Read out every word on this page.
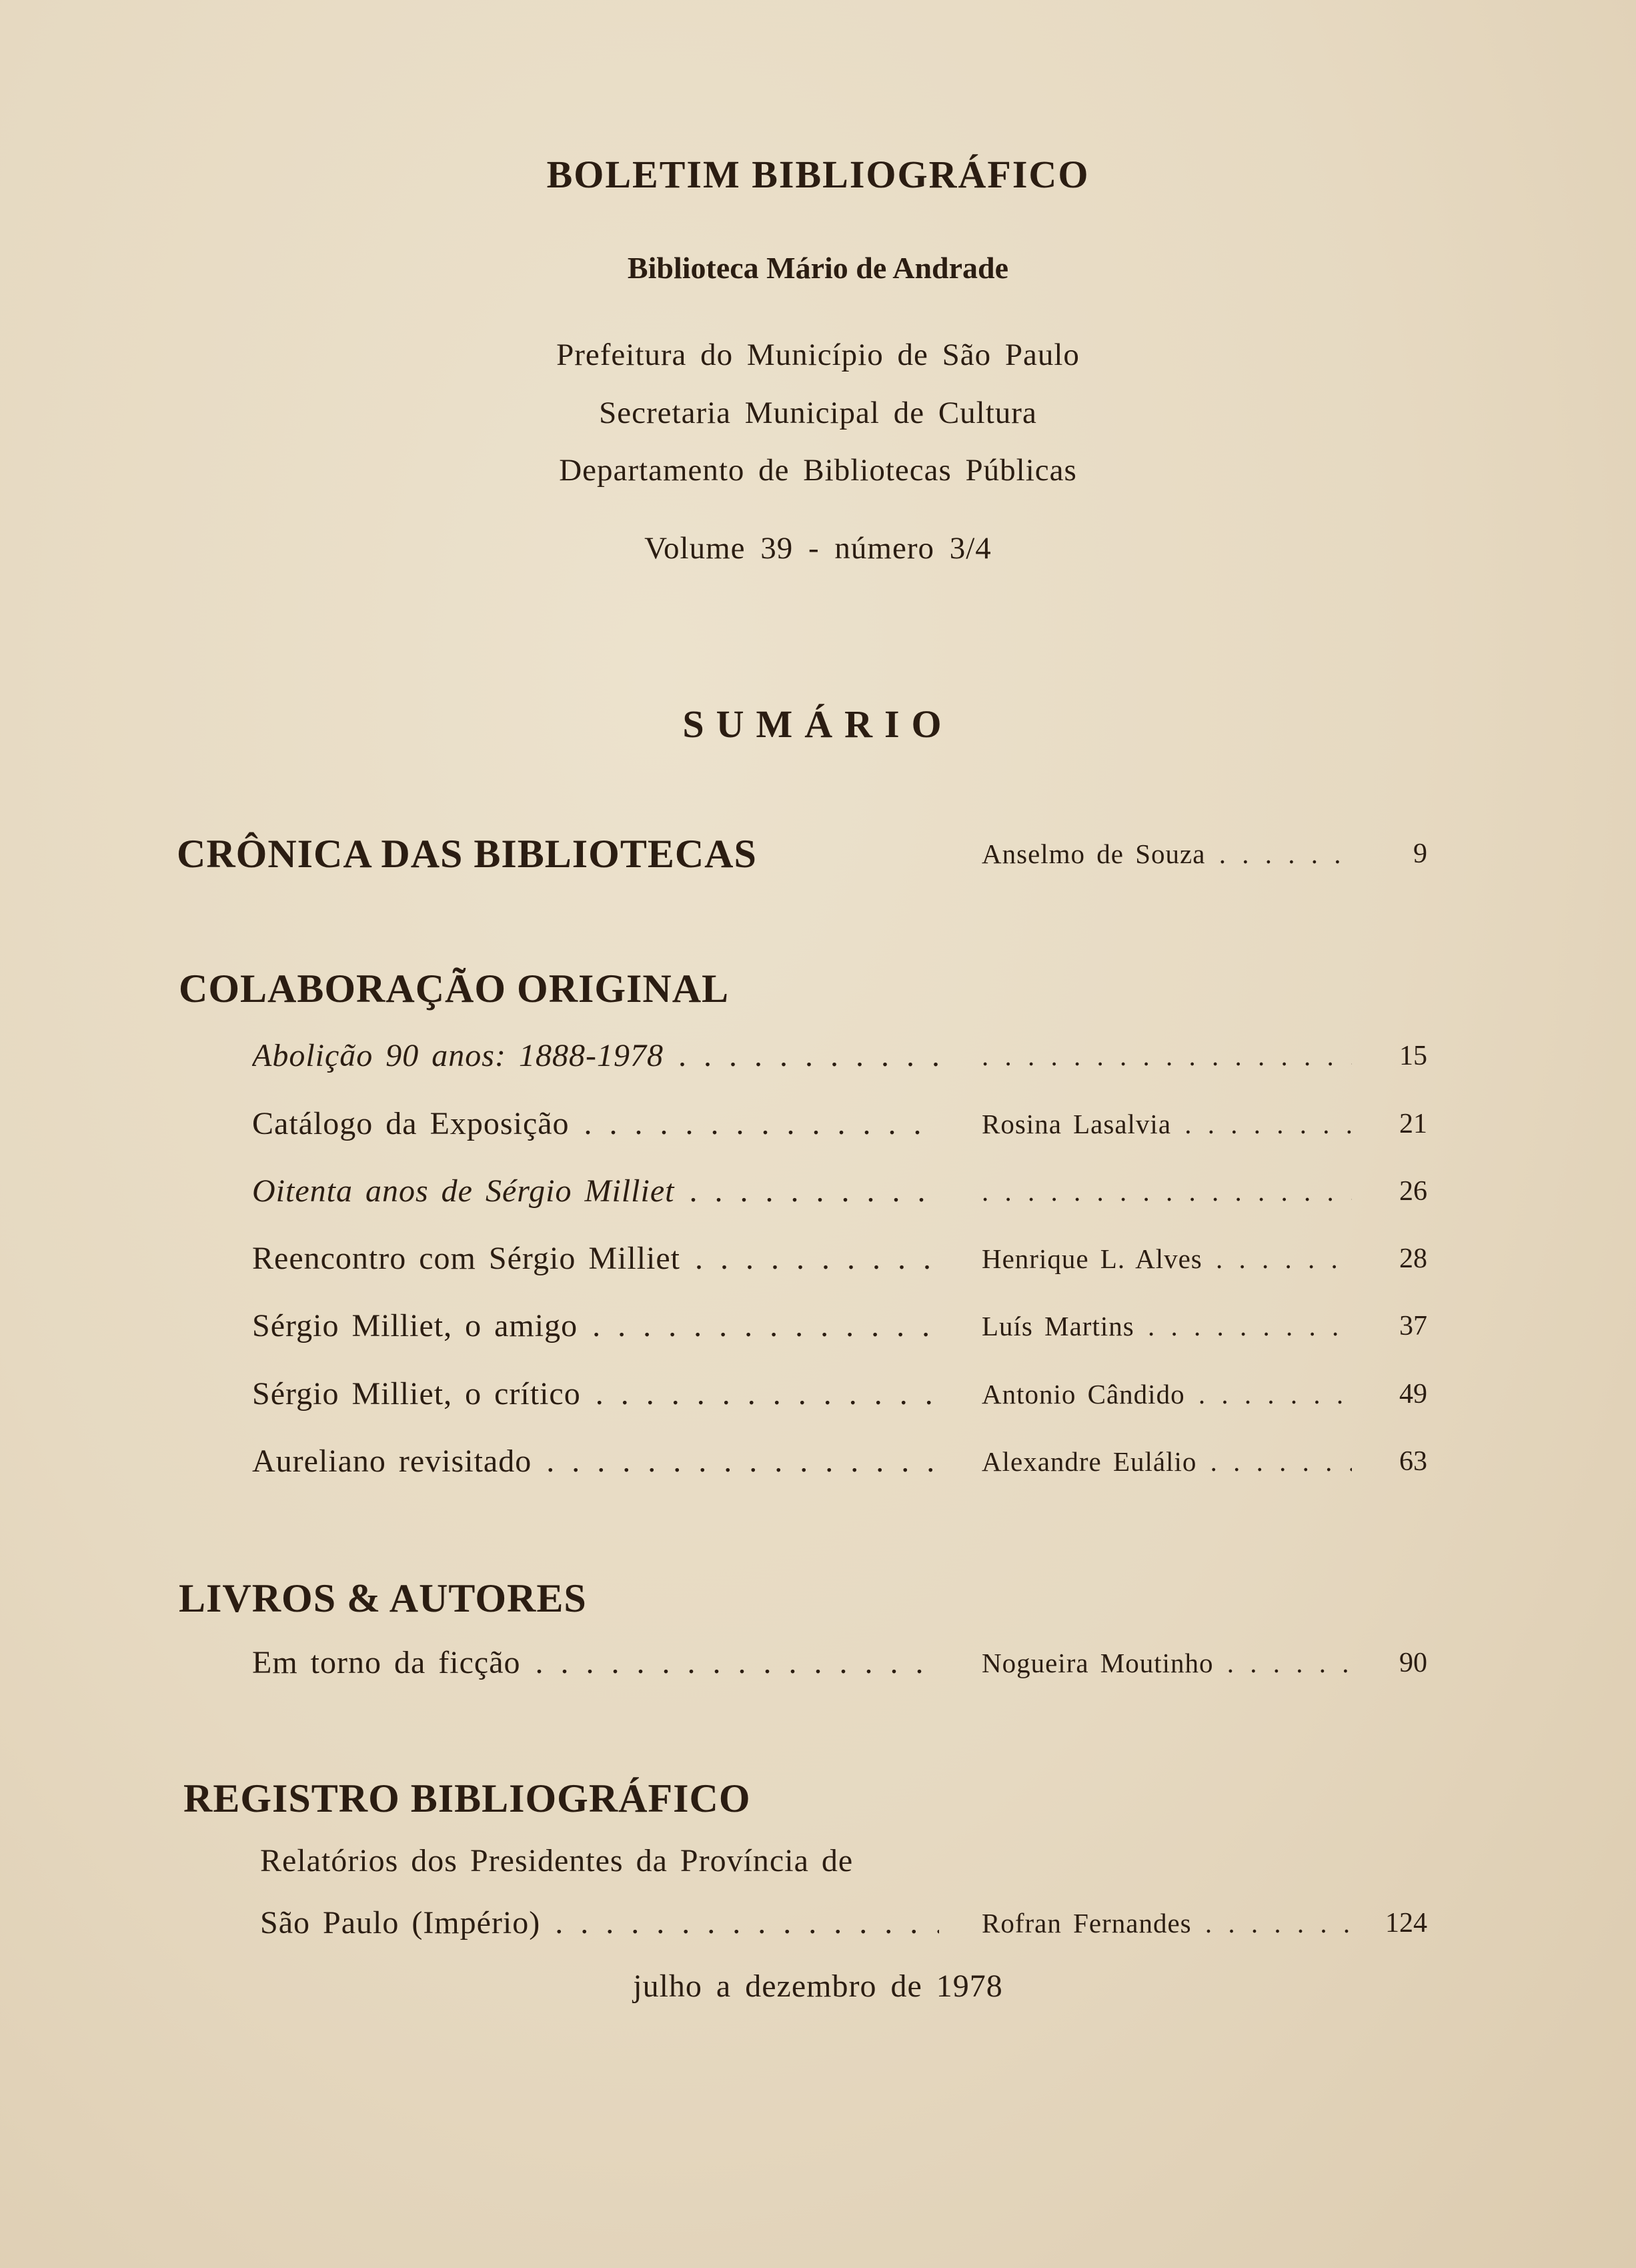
BOLETIM BIBLIOGRÁFICO
Biblioteca Mário de Andrade
Prefeitura do Município de São Paulo
Secretaria Municipal de Cultura
Departamento de Bibliotecas Públicas
Volume 39 - número 3/4
SUMÁRIO
CRÔNICA DAS BIBLIOTECAS	Anselmo de Souza . . .	9
COLABORAÇÃO ORIGINAL
Abolição 90 anos: 1888-1978 . . . . . .	15
Catálogo da Exposição . . .	Rosina Lasalvia . . .	21
Oitenta anos de Sérgio Milliet . . . . . .	26
Reencontro com Sérgio Milliet . . .	Henrique L. Alves . . .	28
Sérgio Milliet, o amigo . . .	Luís Martins . . .	37
Sérgio Milliet, o crítico . . .	Antonio Cândido . . .	49
Aureliano revisitado . . .	Alexandre Eulálio . . .	63
LIVROS & AUTORES
Em torno da ficção . . .	Nogueira Moutinho . . .	90
REGISTRO BIBLIOGRÁFICO
Relatórios dos Presidentes da Província de
São Paulo (Império) . . .	Rofran Fernandes . . .	124
julho a dezembro de 1978
